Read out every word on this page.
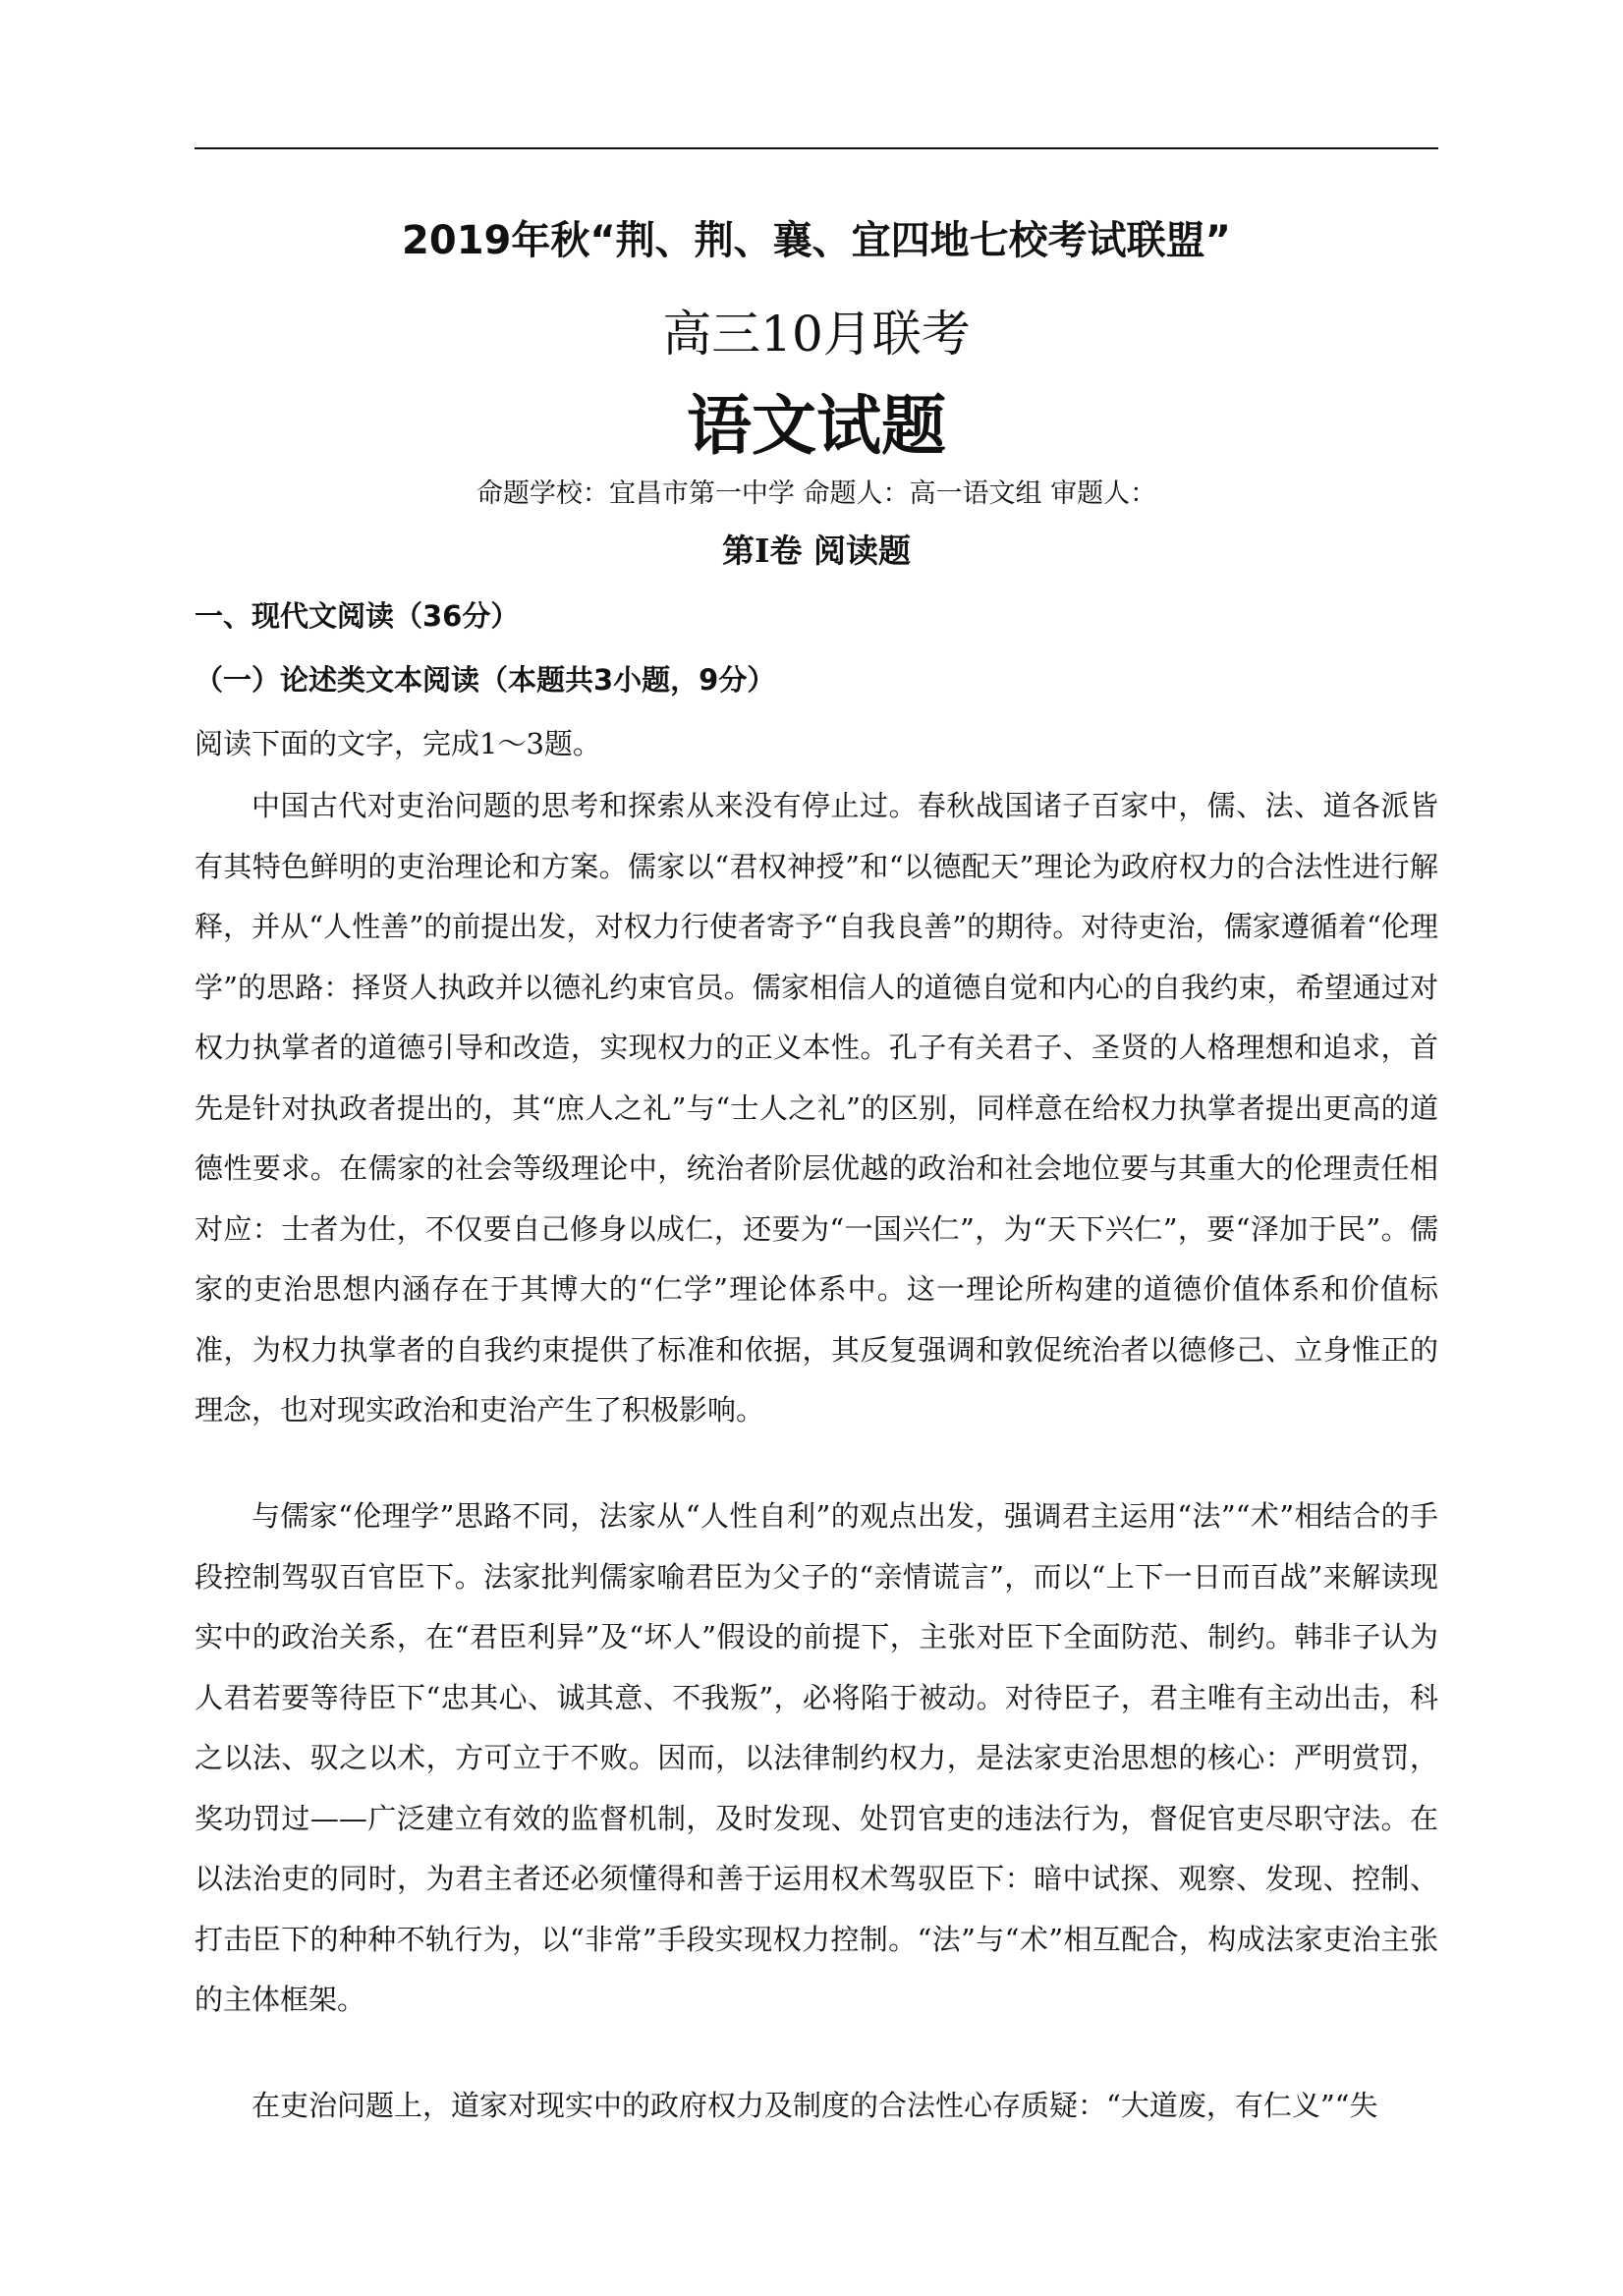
2019年秋“荆、荆、襄、宜四地七校考试联盟”
高三10月联考
语文试题
命题学校：宜昌市第一中学 命题人：高一语文组 审题人：
第Ⅰ卷 阅读题
一、现代文阅读（36分）
（一）论述类文本阅读（本题共3小题，9分）
阅读下面的文字，完成1～3题。

中国古代对吏治问题的思考和探索从来没有停止过。春秋战国诸子百家中，儒、法、道各派皆有其特色鲜明的吏治理论和方案。儒家以“君权神授”和“以德配天”理论为政府权力的合法性进行解释，并从“人性善”的前提出发，对权力行使者寄予“自我良善”的期待。对待吏治，儒家遵循着“伦理学”的思路：择贤人执政并以德礼约束官员。儒家相信人的道德自觉和内心的自我约束，希望通过对权力执掌者的道德引导和改造，实现权力的正义本性。孔子有关君子、圣贤的人格理想和追求，首先是针对执政者提出的，其“庶人之礼”与“士人之礼”的区别，同样意在给权力执掌者提出更高的道德性要求。在儒家的社会等级理论中，统治者阶层优越的政治和社会地位要与其重大的伦理责任相对应：士者为仕，不仅要自己修身以成仁，还要为“一国兴仁”，为“天下兴仁”，要“泽加于民”。儒家的吏治思想内涵存在于其博大的“仁学”理论体系中。这一理论所构建的道德价值体系和价值标准，为权力执掌者的自我约束提供了标准和依据，其反复强调和敦促统治者以德修己、立身惟正的理念，也对现实政治和吏治产生了积极影响。

与儒家“伦理学”思路不同，法家从“人性自利”的观点出发，强调君主运用“法”“术”相结合的手段控制驾驭百官臣下。法家批判儒家喻君臣为父子的“亲情谎言”，而以“上下一日而百战”来解读现实中的政治关系，在“君臣利异”及“坏人”假设的前提下，主张对臣下全面防范、制约。韩非子认为人君若要等待臣下“忠其心、诚其意、不我叛”，必将陷于被动。对待臣子，君主唯有主动出击，科之以法、驭之以术，方可立于不败。因而，以法律制约权力，是法家吏治思想的核心：严明赏罚，奖功罚过——广泛建立有效的监督机制，及时发现、处罚官吏的违法行为，督促官吏尽职守法。在以法治吏的同时，为君主者还必须懂得和善于运用权术驾驭臣下：暗中试探、观察、发现、控制、打击臣下的种种不轨行为，以“非常”手段实现权力控制。“法”与“术”相互配合，构成法家吏治主张的主体框架。

在吏治问题上，道家对现实中的政府权力及制度的合法性心存质疑：“大道废，有仁义”“失
